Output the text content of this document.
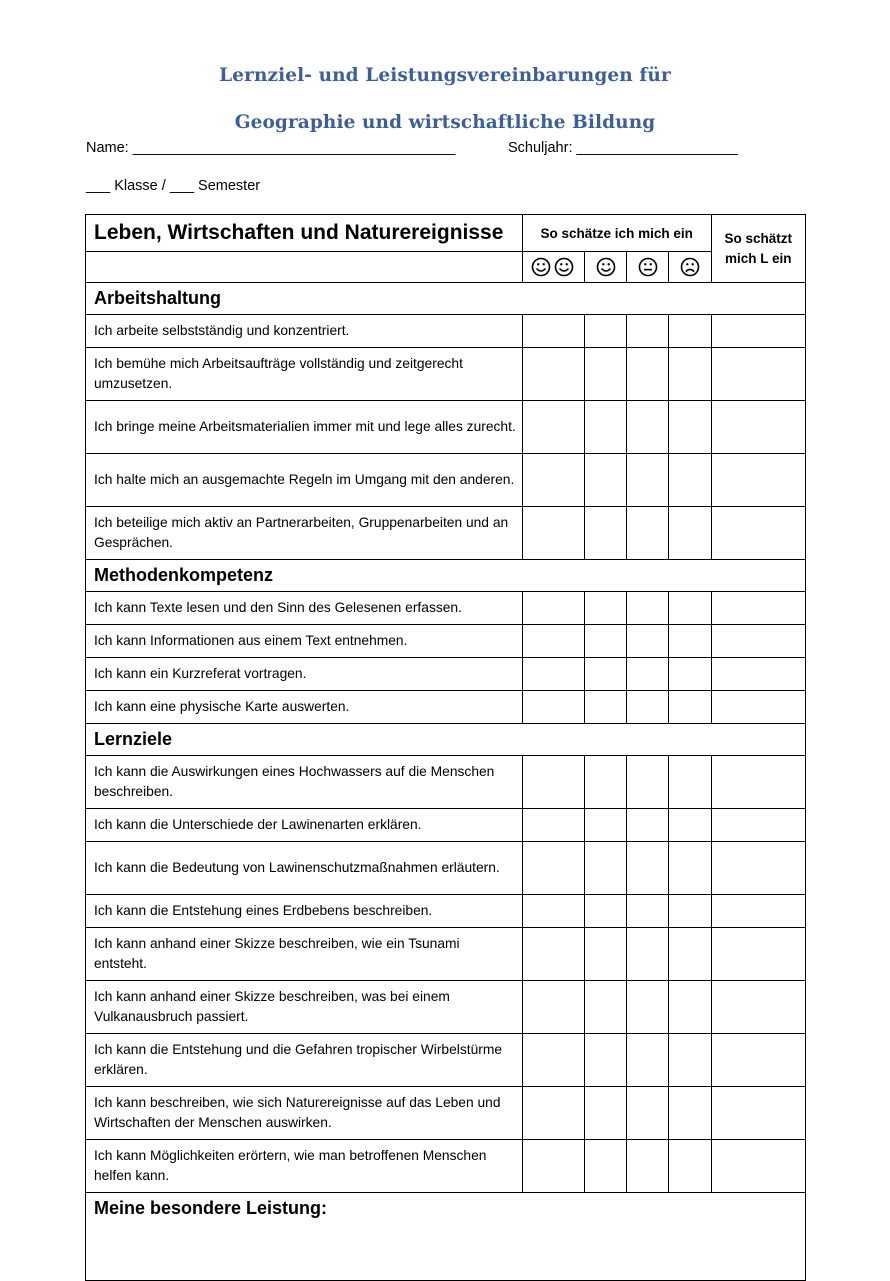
Lernziel- und Leistungsvereinbarungen für
Geographie und wirtschaftliche Bildung
Name: ________________________________________	Schuljahr: ____________________
___ Klasse / ___ Semester
Leben, Wirtschaften und Naturereignisse	So schätze ich mich ein				So schätzt
mich L ein

Arbeitshaltung					
Ich arbeite selbstständig und konzentriert.					
Ich bemühe mich Arbeitsaufträge vollständig und zeitgerecht umzusetzen.					
Ich bringe meine Arbeitsmaterialien immer mit und lege alles zurecht.					
Ich halte mich an ausgemachte Regeln im Umgang mit den anderen.					
Ich beteilige mich aktiv an Partnerarbeiten, Gruppenarbeiten und an Gesprächen.					
Methodenkompetenz					
Ich kann Texte lesen und den Sinn des Gelesenen erfassen.					
Ich kann Informationen aus einem Text entnehmen.					
Ich kann ein Kurzreferat vortragen.					
Ich kann eine physische Karte auswerten.					
Lernziele					
Ich kann die Auswirkungen eines Hochwassers auf die Menschen beschreiben.					
Ich kann die Unterschiede der Lawinenarten erklären.					
Ich kann die Bedeutung von Lawinenschutzmaßnahmen erläutern.					
Ich kann die Entstehung eines Erdbebens beschreiben.					
Ich kann anhand einer Skizze beschreiben, wie ein Tsunami entsteht.					
Ich kann anhand einer Skizze beschreiben, was bei einem Vulkanausbruch passiert.					
Ich kann die Entstehung und die Gefahren tropischer Wirbelstürme erklären.					
Ich kann beschreiben, wie sich Naturereignisse auf das Leben und Wirtschaften der Menschen auswirken.					
Ich kann Möglichkeiten erörtern, wie man betroffenen Menschen helfen kann.					
Meine besondere Leistung:					
